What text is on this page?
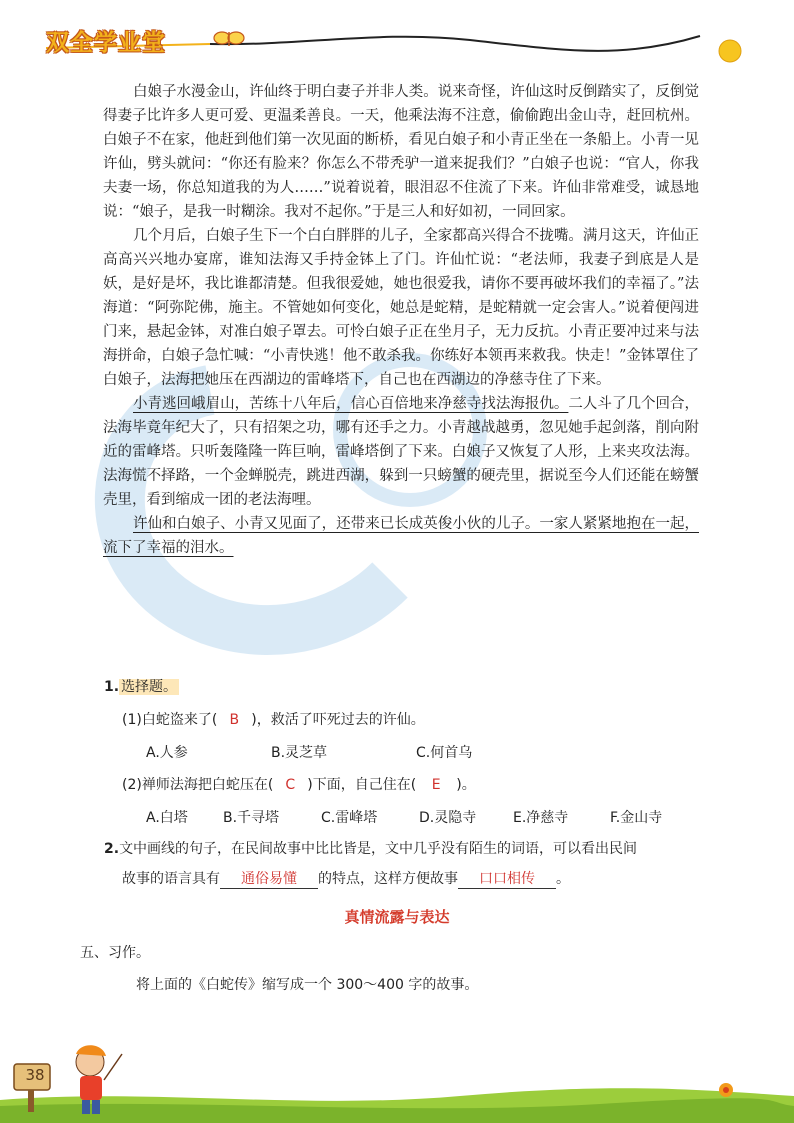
双全学业堂

白娘子水漫金山，许仙终于明白妻子并非人类。说来奇怪，许仙这时反倒踏实了，反倒觉得妻子比许多人更可爱、更温柔善良。一天，他乘法海不注意，偷偷跑出金山寺，赶回杭州。白娘子不在家，他赶到他们第一次见面的断桥，看见白娘子和小青正坐在一条船上。小青一见许仙，劈头就问：“你还有脸来？你怎么不带秃驴一道来捉我们？”白娘子也说：“官人，你我夫妻一场，你总知道我的为人……”说着说着，眼泪忍不住流了下来。许仙非常难受，诚恳地说：“娘子，是我一时糊涂。我对不起你。”于是三人和好如初，一同回家。

几个月后，白娘子生下一个白白胖胖的儿子，全家都高兴得合不拢嘴。满月这天，许仙正高高兴兴地办宴席，谁知法海又手持金钵上了门。许仙忙说：“老法师，我妻子到底是人是妖，是好是坏，我比谁都清楚。但我很爱她，她也很爱我，请你不要再破坏我们的幸福了。”法海道：“阿弥陀佛，施主。不管她如何变化，她总是蛇精，是蛇精就一定会害人。”说着便闯进门来，悬起金钵，对准白娘子罩去。可怜白娘子正在坐月子，无力反抗。小青正要冲过来与法海拼命，白娘子急忙喊：“小青快逃！他不敢杀我。你练好本领再来救我。快走！”金钵罩住了白娘子，法海把她压在西湖边的雷峰塔下，自己也在西湖边的净慈寺住了下来。

小青逃回峨眉山，苦练十八年后，信心百倍地来净慈寺找法海报仇。二人斗了几个回合，法海毕竟年纪大了，只有招架之功，哪有还手之力。小青越战越勇，忽见她手起剑落，削向附近的雷峰塔。只听轰隆隆一阵巨响，雷峰塔倒了下来。白娘子又恢复了人形，上来夹攻法海。法海慌不择路，一个金蝉脱壳，跳进西湖，躲到一只螃蟹的硬壳里，据说至今人们还能在螃蟹壳里，看到缩成一团的老法海哩。

许仙和白娘子、小青又见面了，还带来已长成英俊小伙的儿子。一家人紧紧地抱在一起，流下了幸福的泪水。

1. 选择题。
(1)白蛇盗来了( B )，救活了吓死过去的许仙。
A.人参	B.灵芝草	C.何首乌
(2)禅师法海把白蛇压在( C )下面，自己住在( E )。
A.白塔	B.千寻塔	C.雷峰塔	D.灵隐寺	E.净慈寺	F.金山寺
2.文中画线的句子，在民间故事中比比皆是，文中几乎没有陌生的词语，可以看出民间
故事的语言具有 通俗易懂 的特点，这样方便故事 口口相传 。
真情流露与表达
五、习作。
将上面的《白蛇传》缩写成一个 300～400 字的故事。
38
